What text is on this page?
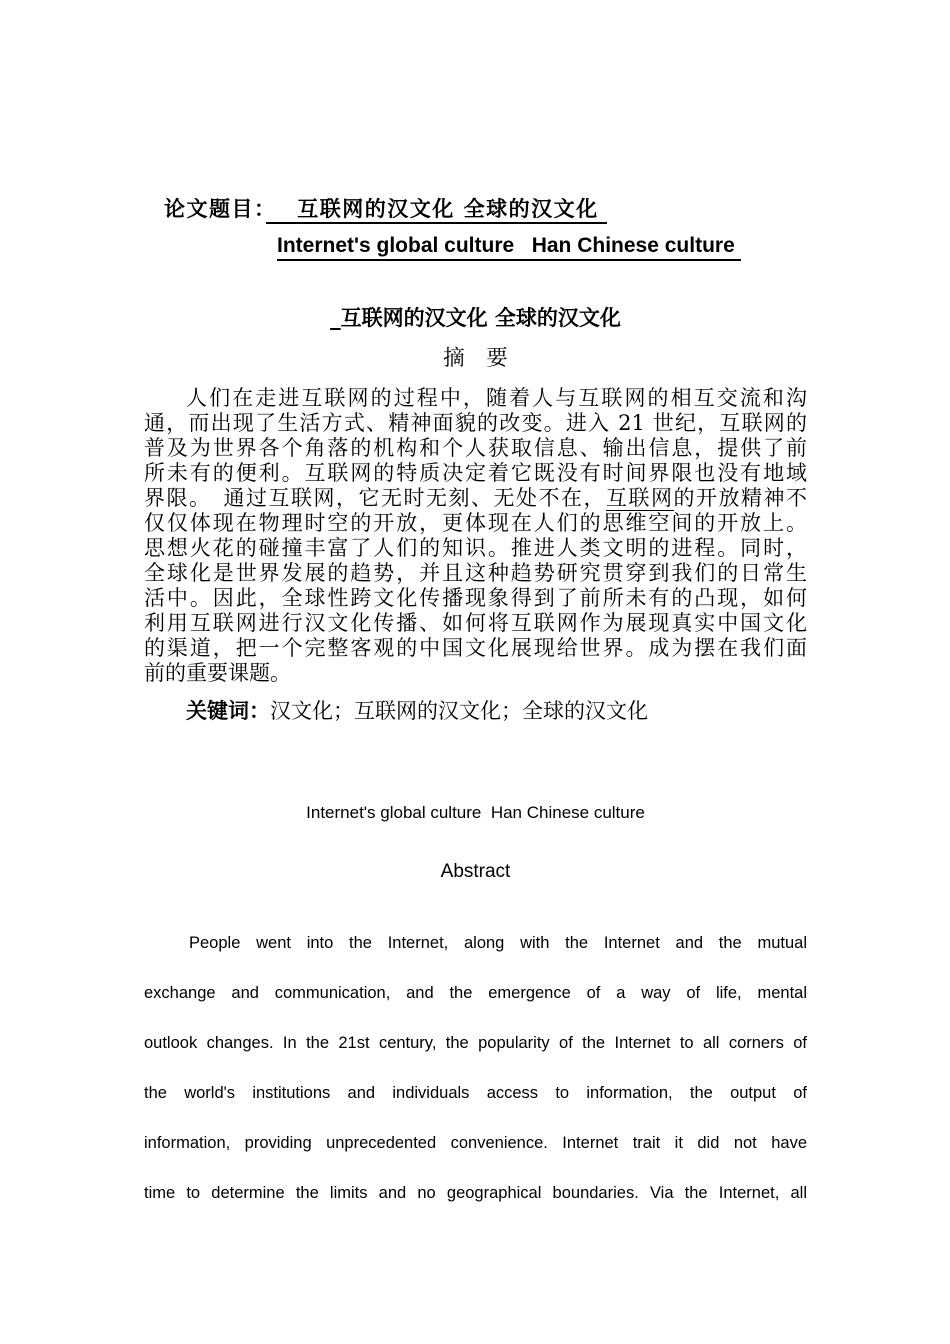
论文题目：　 互联网的汉文化 全球的汉文化
Internet's global culture   Han Chinese culture
_互联网的汉文化 全球的汉文化
摘　要
人们在走进互联网的过程中，随着人与互联网的相互交流和沟
通，而出现了生活方式、精神面貌的改变。进入 21 世纪，互联网的
普及为世界各个角落的机构和个人获取信息、输出信息，提供了前
所未有的便利。互联网的特质决定着它既没有时间界限也没有地域
界限。　通过互联网，它无时无刻、无处不在，互联网的开放精神不
仅仅体现在物理时空的开放，更体现在人们的思维空间的开放上。
思想火花的碰撞丰富了人们的知识。推进人类文明的进程。同时，
全球化是世界发展的趋势，并且这种趋势研究贯穿到我们的日常生
活中。因此，全球性跨文化传播现象得到了前所未有的凸现，如何
利用互联网进行汉文化传播、如何将互联网作为展现真实中国文化
的渠道，把一个完整客观的中国文化展现给世界。成为摆在我们面
前的重要课题。
关键词：汉文化；互联网的汉文化；全球的汉文化
Internet's global culture  Han Chinese culture
Abstract
People went into the Internet, along with the Internet and the mutual
exchange and communication, and the emergence of a way of life, mental
outlook changes. In the 21st century, the popularity of the Internet to all corners of
the world's institutions and individuals access to information, the output of
information, providing unprecedented convenience. Internet trait it did not have
time to determine the limits and no geographical boundaries. Via the Internet, all
